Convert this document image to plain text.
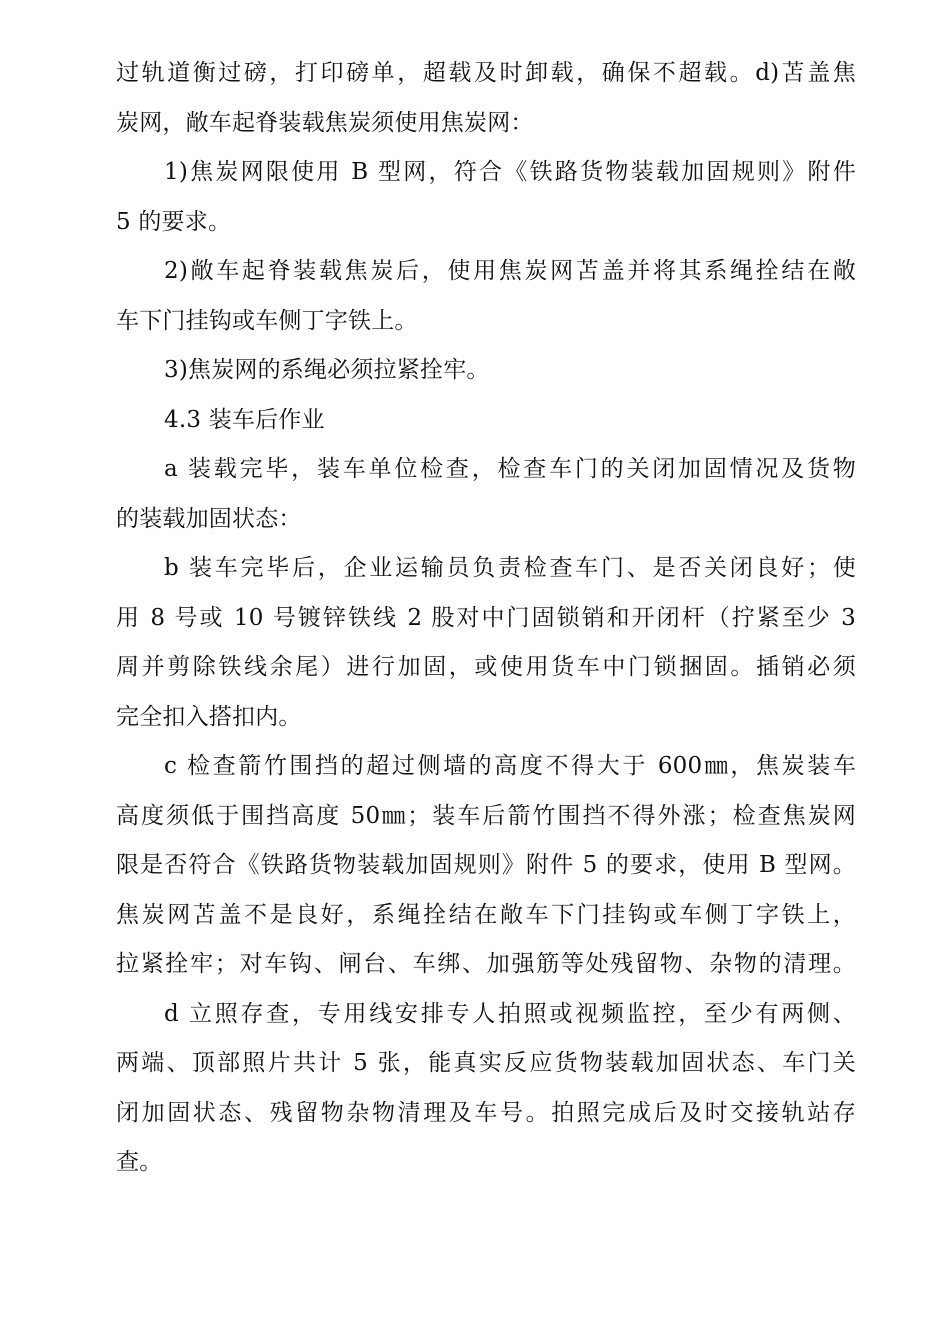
过轨道衡过磅，打印磅单，超载及时卸载，确保不超载。d)苫盖焦
炭网，敞车起脊装载焦炭须使用焦炭网：
1)焦炭网限使用 B 型网，符合《铁路货物装载加固规则》附件
5 的要求。
2)敞车起脊装载焦炭后，使用焦炭网苫盖并将其系绳拴结在敞
车下门挂钩或车侧丁字铁上。
3)焦炭网的系绳必须拉紧拴牢。
4.3 装车后作业
a 装载完毕，装车单位检查，检查车门的关闭加固情况及货物
的装载加固状态：
b 装车完毕后，企业运输员负责检查车门、是否关闭良好；使
用 8 号或 10 号镀锌铁线 2 股对中门固锁销和开闭杆（拧紧至少 3
周并剪除铁线余尾）进行加固，或使用货车中门锁捆固。插销必须
完全扣入搭扣内。
c 检查箭竹围挡的超过侧墙的高度不得大于 600㎜，焦炭装车
高度须低于围挡高度 50㎜；装车后箭竹围挡不得外涨；检查焦炭网
限是否符合《铁路货物装载加固规则》附件 5 的要求，使用 B 型网。
焦炭网苫盖不是良好，系绳拴结在敞车下门挂钩或车侧丁字铁上，
拉紧拴牢；对车钩、闸台、车绑、加强筋等处残留物、杂物的清理。
d 立照存查，专用线安排专人拍照或视频监控，至少有两侧、
两端、顶部照片共计 5 张，能真实反应货物装载加固状态、车门关
闭加固状态、残留物杂物清理及车号。拍照完成后及时交接轨站存
查。
